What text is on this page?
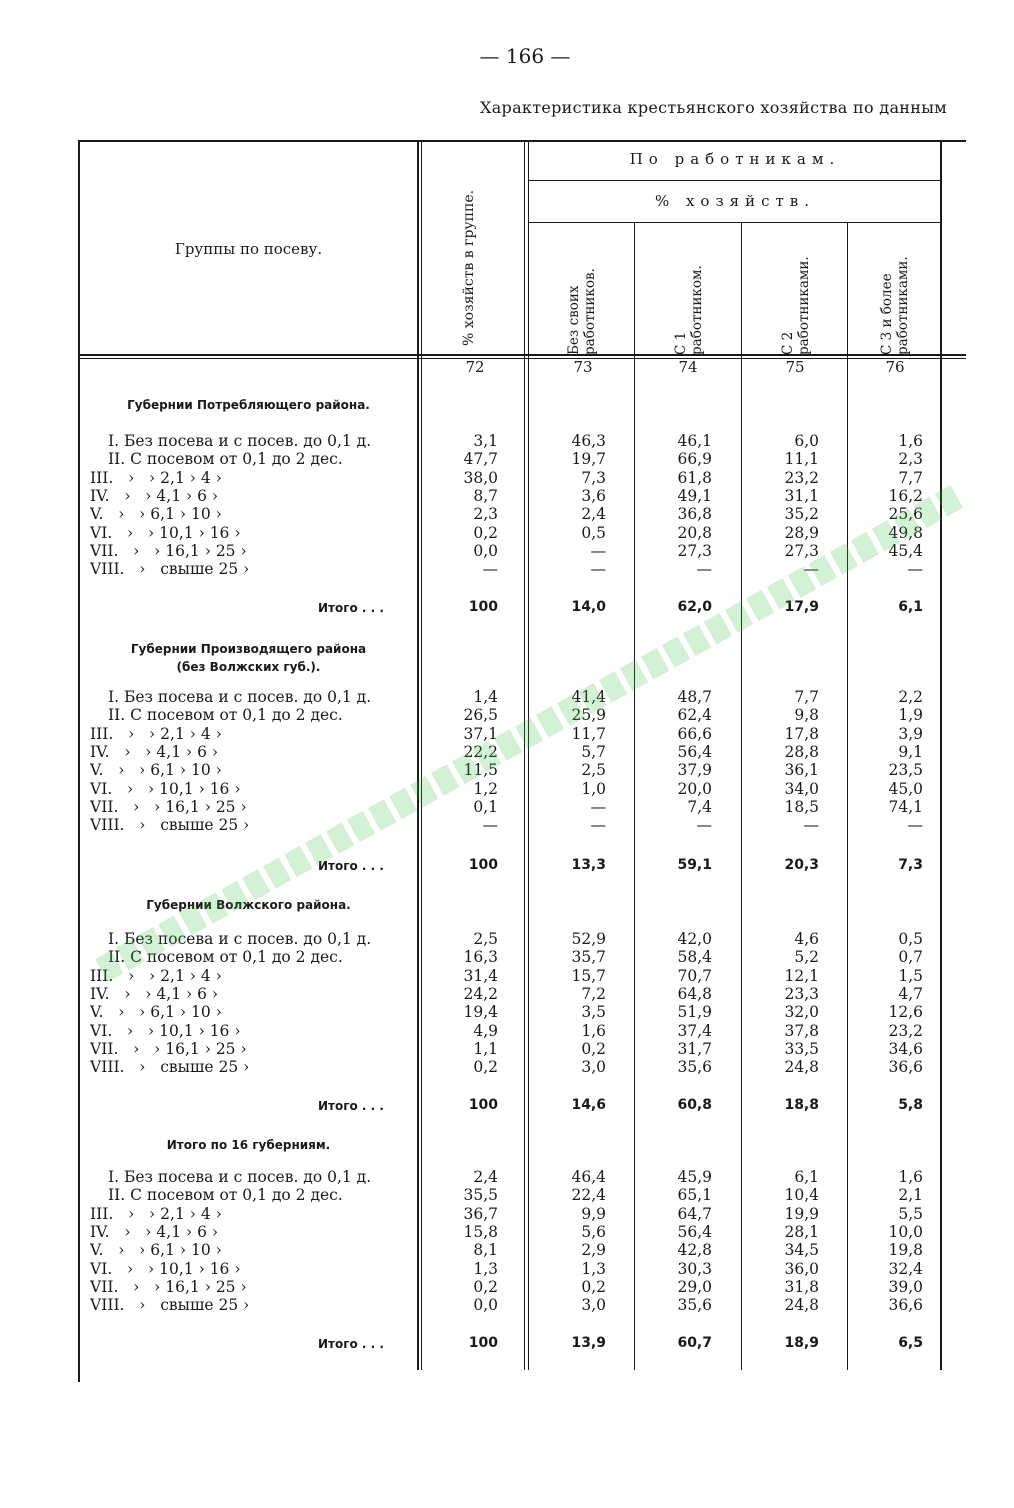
— 166 —
Характеристика крестьянского хозяйства по данным
Группы по посеву.
По работникам.
% хозяйств.
% хозяйств в группе.	Без своих работников.	С 1 работником.	С 2 работниками.	С 3 и более работниками.
72	73	74	75	76
Губернии Потребляющего района.
I. Без посева и с посев. до 0,1 д.	3,1	46,3	46,1	6,0	1,6
II. С посевом от 0,1 до 2 дес.	47,7	19,7	66,9	11,1	2,3
III.   ›   › 2,1 › 4 ›	38,0	7,3	61,8	23,2	7,7
IV.   ›   › 4,1 › 6 ›	8,7	3,6	49,1	31,1	16,2
V.   ›   › 6,1 › 10 ›	2,3	2,4	36,8	35,2	25,6
VI.   ›   › 10,1 › 16 ›	0,2	0,5	20,8	28,9	49,8
VII.   ›   › 16,1 › 25 ›	0,0	—	27,3	27,3	45,4
VIII.   ›   свыше 25 ›	—	—	—	—	—
Итого . . .	100	14,0	62,0	17,9	6,1
Губернии Производящего района
(без Волжских губ.).
I. Без посева и с посев. до 0,1 д.	1,4	41,4	48,7	7,7	2,2
II. С посевом от 0,1 до 2 дес.	26,5	25,9	62,4	9,8	1,9
III.   ›   › 2,1 › 4 ›	37,1	11,7	66,6	17,8	3,9
IV.   ›   › 4,1 › 6 ›	22,2	5,7	56,4	28,8	9,1
V.   ›   › 6,1 › 10 ›	11,5	2,5	37,9	36,1	23,5
VI.   ›   › 10,1 › 16 ›	1,2	1,0	20,0	34,0	45,0
VII.   ›   › 16,1 › 25 ›	0,1	—	7,4	18,5	74,1
VIII.   ›   свыше 25 ›	—	—	—	—	—
Итого . . .	100	13,3	59,1	20,3	7,3
Губернии Волжского района.
I. Без посева и с посев. до 0,1 д.	2,5	52,9	42,0	4,6	0,5
II. С посевом от 0,1 до 2 дес.	16,3	35,7	58,4	5,2	0,7
III.   ›   › 2,1 › 4 ›	31,4	15,7	70,7	12,1	1,5
IV.   ›   › 4,1 › 6 ›	24,2	7,2	64,8	23,3	4,7
V.   ›   › 6,1 › 10 ›	19,4	3,5	51,9	32,0	12,6
VI.   ›   › 10,1 › 16 ›	4,9	1,6	37,4	37,8	23,2
VII.   ›   › 16,1 › 25 ›	1,1	0,2	31,7	33,5	34,6
VIII.   ›   свыше 25 ›	0,2	3,0	35,6	24,8	36,6
Итого . . .	100	14,6	60,8	18,8	5,8
Итого по 16 губерниям.
I. Без посева и с посев. до 0,1 д.	2,4	46,4	45,9	6,1	1,6
II. С посевом от 0,1 до 2 дес.	35,5	22,4	65,1	10,4	2,1
III.   ›   › 2,1 › 4 ›	36,7	9,9	64,7	19,9	5,5
IV.   ›   › 4,1 › 6 ›	15,8	5,6	56,4	28,1	10,0
V.   ›   › 6,1 › 10 ›	8,1	2,9	42,8	34,5	19,8
VI.   ›   › 10,1 › 16 ›	1,3	1,3	30,3	36,0	32,4
VII.   ›   › 16,1 › 25 ›	0,2	0,2	29,0	31,8	39,0
VIII.   ›   свыше 25 ›	0,0	3,0	35,6	24,8	36,6
Итого . . .	100	13,9	60,7	18,9	6,5
